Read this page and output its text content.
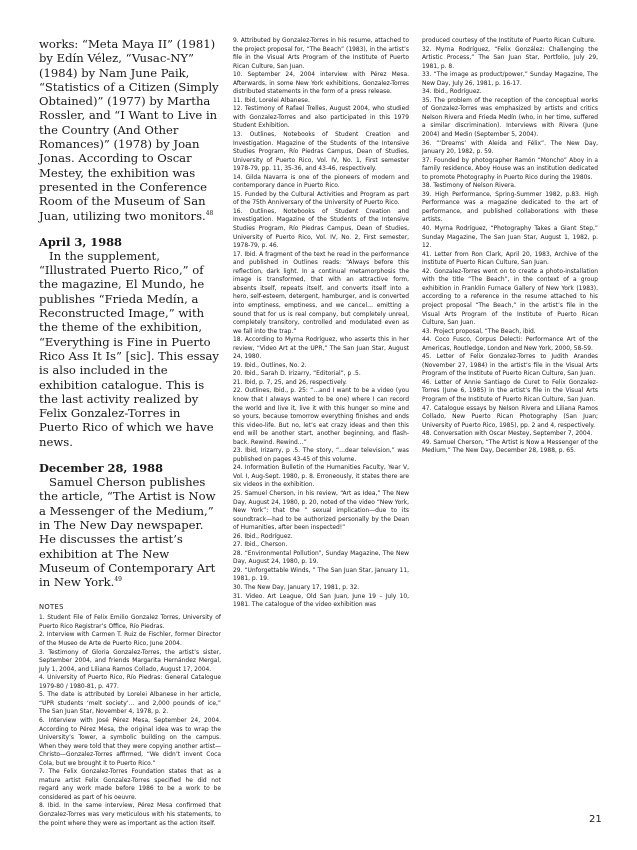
works: “Meta Maya II” (1981) by Edín Vélez, “Vusac-NY” (1984) by Nam June Paik, “Statistics of a Citizen (Simply Obtained)” (1977) by Martha Rossler, and “I Want to Live in the Country (And Other Romances)” (1978) by Joan Jonas. According to Oscar Mestey, the exhibition was presented in the Conference Room of the Museum of San Juan, utilizing two monitors.$^{48}$

April 3, 1988

In the supplement, “Illustrated Puerto Rico,” of the magazine, El Mundo, he publishes “Frieda Medín, a Reconstructed Image,” with the theme of the exhibition, “Everything is Fine in Puerto Rico Ass It Is” [sic]. This essay is also included in the exhibition catalogue. This is the last activity realized by Felix Gonzalez-Torres in Puerto Rico of which we have news.

December 28, 1988

Samuel Cherson publishes the article, “The Artist is Now a Messenger of the Medium,” in The New Day newspaper. He discusses the artist’s exhibition at The New Museum of Contemporary Art in New York.$^{49}$

NOTES

1. Student File of Felix Emilio Gonzalez Torres, University of Puerto Rico Registrar’s Office, Río Piedras.

2. Interview with Carmen T. Ruiz de Fischler, former Director of the Museo de Arte de Puerto Rico, June 2004.

3. Testimony of Gloria Gonzalez-Torres, the artist’s sister, September 2004, and friends Margarita Hernández Mergal, July 1, 2004, and Liliana Ramos Collado, August 17, 2004.

4. University of Puerto Rico, Río Piedras: General Catalogue 1979-80 / 1980-81, p. 477.

5. The date is attributed by Lorelei Albanese in her article, “UPR students ‘melt society’… and 2,000 pounds of ice,” The San Juan Star, November 4, 1978, p. 2.

6. Interview with José Pérez Mesa, September 24, 2004. According to Pérez Mesa, the original idea was to wrap the University’s Tower, a symbolic building on the campus. When they were told that they were copying another artist—Christo—Gonzalez-Torres affirmed, “We didn’t invent Coca Cola, but we brought it to Puerto Rico.”

7. The Felix Gonzalez-Torres Foundation states that as a mature artist Felix Gonzalez-Torres specified he did not regard any work made before 1986 to be a work to be considered as part of his oeuvre.

8. Ibid. In the same interview, Pérez Mesa confirmed that Gonzalez-Torres was very meticulous with his statements, to the point where they were as important as the action itself.

9. Attributed by Gonzalez-Torres in his resume, attached to the project proposal for, “The Beach” (1983), in the artist’s file in the Visual Arts Program of the Institute of Puerto Rican Culture, San Juan.

10. September 24, 2004 interview with Pérez Mesa. Afterwards, in some New York exhibitions, Gonzalez-Torres distributed statements in the form of a press release.

11. Ibid, Lorelei Albanese.

12. Testimony of Rafael Trelles, August 2004, who studied with Gonzalez-Torres and also participated in this 1979 Student Exhibition.

13. Outlines, Notebooks of Student Creation and Investigation. Magazine of the Students of the Intensive Studies Program, Río Piedras Campus, Dean of Studies, University of Puerto Rico, Vol. IV, No. 1, First semester 1978-79, pp. 11, 35-36, and 43-46, respectively.

14. Gilda Navarra is one of the pioneers of modern and contemporary dance in Puerto Rico.

15. Funded by the Cultural Activities and Program as part of the 75th Anniversary of the University of Puerto Rico.

16. Outlines, Notebooks of Student Creation and Investigation. Magazine of the Students of the Intensive Studies Program, Río Piedras Campus, Dean of Studies, University of Puerto Rico, Vol. IV, No. 2, First semester, 1978-79, p. 46.

17. Ibid. A fragment of the text he read in the performance and published in Outlines reads: “Always before this reflection, dark light. In a continual metamorphosis the image is transformed, that with an attractive form, absents itself, repeats itself, and converts itself into a hero, self-esteem, detergent, hamburger, and is converted into emptiness, emptiness, and we cancel… emitting a sound that for us is real company, but completely unreal, completely transitory, controlled and modulated even as we fall into the trap.”

18. According to Myrna Rodríguez, who asserts this in her review, “Video Art at the UPR,” The San Juan Star, August 24, 1980.

19. Ibid., Outlines, No. 2.

20. Ibid., Sarah D. Irizarry, “Editorial”, p .5.

21. Ibid, p. 7, 25, and 26, respectively.

22. Outlines, Ibid., p. 25: “…and I want to be a video (you know that I always wanted to be one) where I can record the world and live it, live it with this hunger so mine and so yours, because tomorrow everything finishes and ends this video-life. But no, let’s eat crazy ideas and then this end will be another start, another beginning, and flash-back. Rewind. Rewind…”

23. Ibid, Irizarry, p .5. The story, “…dear television,” was published on pages 43-45 of this volume.

24. Information Bulletin of the Humanities Faculty, Year V, Vol. I, Aug-Sept. 1980, p. 8. Erroneously, it states there are six videos in the exhibition.

25. Samuel Cherson, in his review, “Art as Idea,” The New Day, August 24, 1980, p. 20, noted of the video “New York, New York”: that the ” sexual implication—due to its soundtrack—had to be authorized personally by the Dean of Humanities, after been inspected!”

26. Ibid., Rodríguez.

27. Ibid., Cherson.

28. “Environmental Pollution”, Sunday Magazine, The New Day, August 24, 1980, p. 19.

29. “Unforgettable Winds, ” The San Juan Star, January 11, 1981, p. 19.

30. The New Day, January 17, 1981, p. 32.

31. Video. Art League, Old San Juan, June 19 – July 10, 1981. The catalogue of the video exhibition was

produced courtesy of the Institute of Puerto Rican Culture.

32. Myrna Rodríguez, “Felix González: Challenging the Artistic Process,” The San Juan Star, Portfolio, July 29, 1981, p. 8.

33. “The image as product/power,” Sunday Magazine, The New Day, July 26, 1981, p. 16-17.

34. Ibid., Rodríguez.

35. The problem of the reception of the conceptual works of Gonzalez-Torres was emphasized by artists and critics Nelson Rivera and Frieda Medín (who, in her time, suffered a similar discrimination). Interviews with Rivera (June 2004) and Medin (September 5, 2004).

36. ”‘Dreams’ with Aleida and Félix”. The New Day, January 20, 1982, p. 59.

37. Founded by photographer Ramón “Moncho” Aboy in a family residence, Aboy House was an institution dedicated to promote Photography in Puerto Rico during the 1980s.

38. Testimony of Nelson Rivera.

39. High Performance, Spring-Summer 1982, p.83. High Performance was a magazine dedicated to the art of performance, and published collaborations with these artists.

40. Myrna Rodríguez, “Photography Takes a Giant Step,” Sunday Magazine, The San Juan Star, August 1, 1982, p. 12.

41. Letter from Ron Clark, April 20, 1983, Archive of the Institute of Puerto Rican Culture, San Juan.

42. Gonzalez-Torres went on to create a photo-installation with the title “The Beach”, in the context of a group exhibition in Franklin Furnace Gallery of New York (1983), according to a reference in the resume attached to his project proposal “The Beach,” in the artist’s file in the Visual Arts Program of the Institute of Puerto Rican Culture, San Juan.

43. Project proposal, “The Beach, ibid.

44. Coco Fusco, Corpus Delecti: Performance Art of the Americas, Routledge, London and New York, 2000, 58-59.

45. Letter of Felix Gonzalez-Torres to Judith Arandes (November 27, 1984) in the artist’s file in the Visual Arts Program of the Institute of Puerto Rican Culture, San Juan.

46. Letter of Annie Santiago de Curet to Felix Gonzalez-Torres (June 6, 1985) in the artist’s file in the Visual Arts Program of the Institute of Puerto Rican Culture, San Juan.

47. Catalogue essays by Nelson Rivera and Liliana Ramos Collado, New Puerto Rican Photography (San Juan; University of Puerto Rico, 1985), pp. 2 and 4, respectively.

48. Conversation with Oscar Mestey, September 7, 2004.

49. Samuel Cherson, “The Artist is Now a Messenger of the Medium,” The New Day, December 28, 1988, p. 65.

21
